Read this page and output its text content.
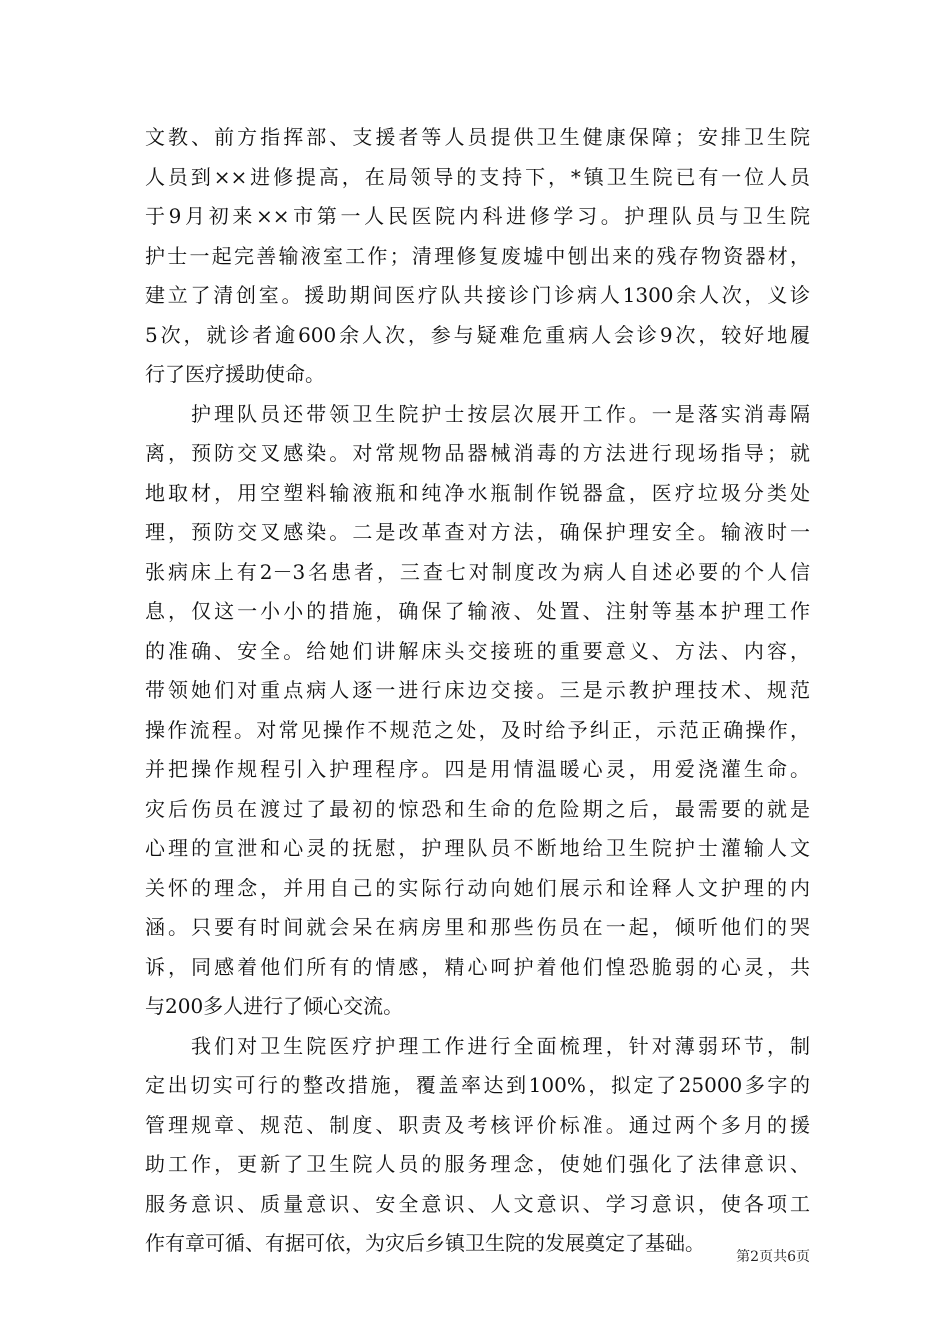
文教、前方指挥部、支援者等人员提供卫生健康保障；安排卫生院
人员到××进修提高，在局领导的支持下，*镇卫生院已有一位人员
于9月初来××市第一人民医院内科进修学习。护理队员与卫生院
护士一起完善输液室工作；清理修复废墟中刨出来的残存物资器材，
建立了清创室。援助期间医疗队共接诊门诊病人1300余人次，义诊
5次，就诊者逾600余人次，参与疑难危重病人会诊9次，较好地履
行了医疗援助使命。
护理队员还带领卫生院护士按层次展开工作。一是落实消毒隔
离，预防交叉感染。对常规物品器械消毒的方法进行现场指导；就
地取材，用空塑料输液瓶和纯净水瓶制作锐器盒，医疗垃圾分类处
理，预防交叉感染。二是改革查对方法，确保护理安全。输液时一
张病床上有2－3名患者，三查七对制度改为病人自述必要的个人信
息，仅这一小小的措施，确保了输液、处置、注射等基本护理工作
的准确、安全。给她们讲解床头交接班的重要意义、方法、内容，
带领她们对重点病人逐一进行床边交接。三是示教护理技术、规范
操作流程。对常见操作不规范之处，及时给予纠正，示范正确操作，
并把操作规程引入护理程序。四是用情温暖心灵，用爱浇灌生命。
灾后伤员在渡过了最初的惊恐和生命的危险期之后，最需要的就是
心理的宣泄和心灵的抚慰，护理队员不断地给卫生院护士灌输人文
关怀的理念，并用自己的实际行动向她们展示和诠释人文护理的内
涵。只要有时间就会呆在病房里和那些伤员在一起，倾听他们的哭
诉，同感着他们所有的情感，精心呵护着他们惶恐脆弱的心灵，共
与200多人进行了倾心交流。
我们对卫生院医疗护理工作进行全面梳理，针对薄弱环节，制
定出切实可行的整改措施，覆盖率达到100%，拟定了25000多字的
管理规章、规范、制度、职责及考核评价标准。通过两个多月的援
助工作，更新了卫生院人员的服务理念，使她们强化了法律意识、
服务意识、质量意识、安全意识、人文意识、学习意识，使各项工
作有章可循、有据可依，为灾后乡镇卫生院的发展奠定了基础。
第2页共6页
